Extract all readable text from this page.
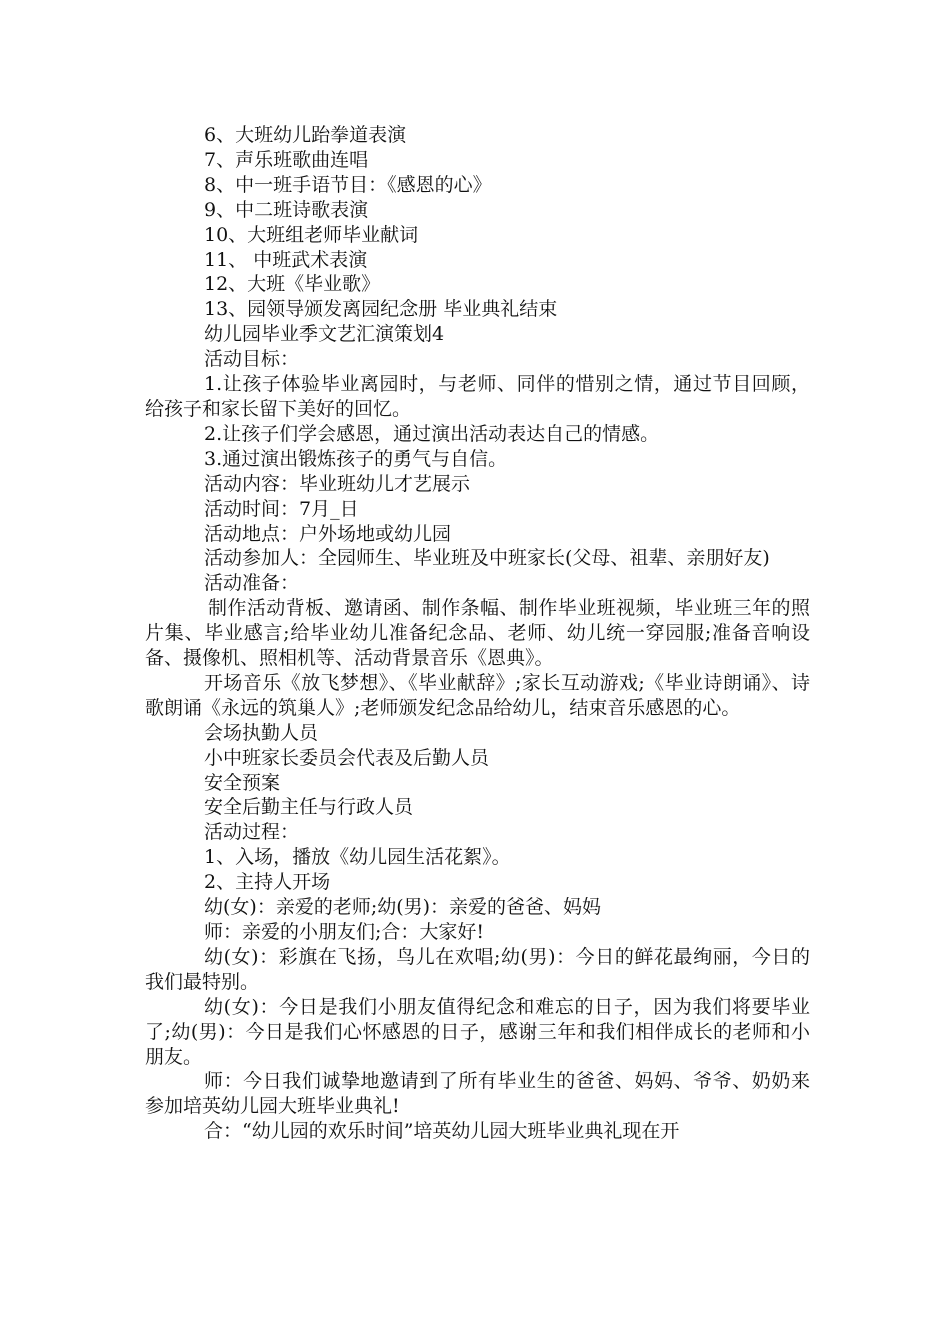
6、大班幼儿跆拳道表演

7、声乐班歌曲连唱

8、中一班手语节目：《感恩的心》

9、中二班诗歌表演

10、大班组老师毕业献词

11、 中班武术表演

12、大班《毕业歌》

13、园领导颁发离园纪念册 毕业典礼结束

幼儿园毕业季文艺汇演策划4

活动目标：

1.让孩子体验毕业离园时，与老师、同伴的惜别之情，通过节目回顾，给孩子和家长留下美好的回忆。

2.让孩子们学会感恩，通过演出活动表达自己的情感。

3.通过演出锻炼孩子的勇气与自信。

活动内容：毕业班幼儿才艺展示

活动时间：7月_日

活动地点：户外场地或幼儿园

活动参加人：全园师生、毕业班及中班家长(父母、祖辈、亲朋好友)

活动准备：

制作活动背板、邀请函、制作条幅、制作毕业班视频，毕业班三年的照片集、毕业感言;给毕业幼儿准备纪念品、老师、幼儿统一穿园服;准备音响设备、摄像机、照相机等、活动背景音乐《恩典》。

开场音乐《放飞梦想》、《毕业献辞》;家长互动游戏;《毕业诗朗诵》、诗歌朗诵《永远的筑巢人》;老师颁发纪念品给幼儿，结束音乐感恩的心。

会场执勤人员

小中班家长委员会代表及后勤人员

安全预案

安全后勤主任与行政人员

活动过程：

1、入场，播放《幼儿园生活花絮》。

2、主持人开场

幼(女)：亲爱的老师;幼(男)：亲爱的爸爸、妈妈

师：亲爱的小朋友们;合：大家好!

幼(女)：彩旗在飞扬，鸟儿在欢唱;幼(男)：今日的鲜花最绚丽，今日的我们最特别。

幼(女)：今日是我们小朋友值得纪念和难忘的日子，因为我们将要毕业了;幼(男)：今日是我们心怀感恩的日子，感谢三年和我们相伴成长的老师和小朋友。

师：今日我们诚挚地邀请到了所有毕业生的爸爸、妈妈、爷爷、奶奶来参加培英幼儿园大班毕业典礼!

合：“幼儿园的欢乐时间”培英幼儿园大班毕业典礼现在开
